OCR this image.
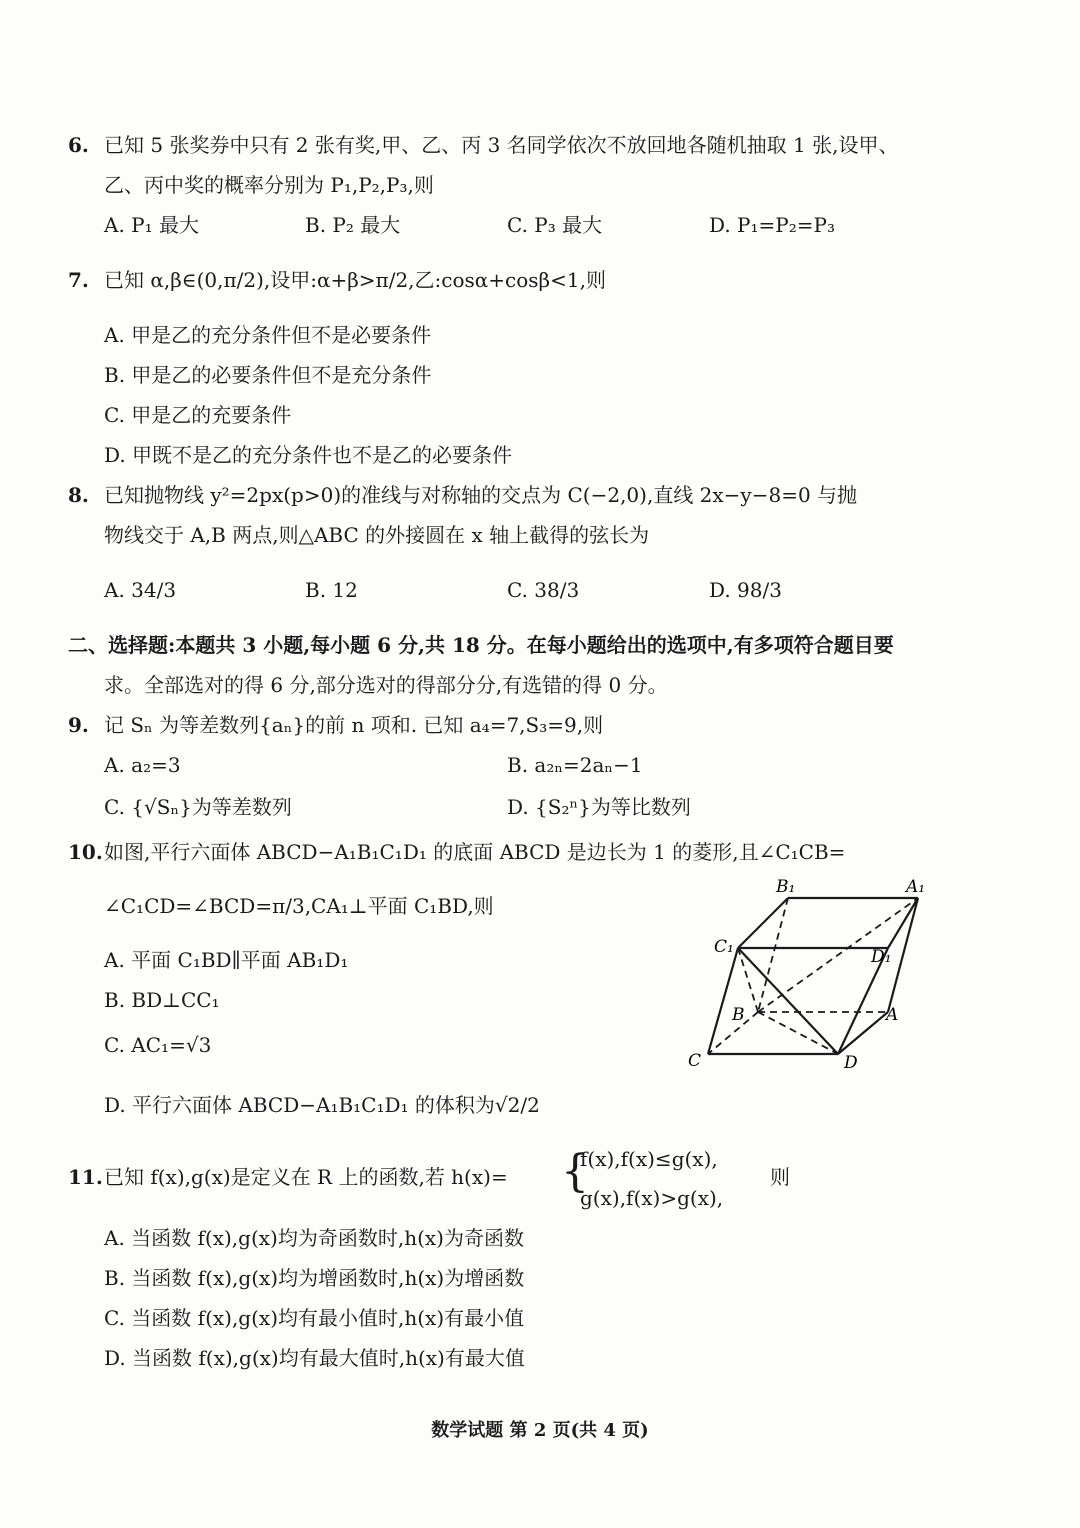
6. 已知 5 张奖券中只有 2 张有奖,甲、乙、丙 3 名同学依次不放回地各随机抽取 1 张,设甲、
乙、丙中奖的概率分别为 P₁,P₂,P₃,则
A. P₁ 最大	B. P₂ 最大	C. P₃ 最大	D. P₁=P₂=P₃
7. 已知 α,β∈(0,π/2),设甲:α+β>π/2,乙:cosα+cosβ<1,则
A. 甲是乙的充分条件但不是必要条件
B. 甲是乙的必要条件但不是充分条件
C. 甲是乙的充要条件
D. 甲既不是乙的充分条件也不是乙的必要条件
8. 已知抛物线 y²=2px(p>0)的准线与对称轴的交点为 C(−2,0),直线 2x−y−8=0 与抛
物线交于 A,B 两点,则△ABC 的外接圆在 x 轴上截得的弦长为
A. 34/3	B. 12	C. 38/3	D. 98/3
二、选择题:本题共 3 小题,每小题 6 分,共 18 分。在每小题给出的选项中,有多项符合题目要
求。全部选对的得 6 分,部分选对的得部分分,有选错的得 0 分。
9. 记 Sₙ 为等差数列{aₙ}的前 n 项和. 已知 a₄=7,S₃=9,则
A. a₂=3	B. a₂ₙ=2aₙ−1
C. {√Sₙ}为等差数列	D. {S₂ⁿ}为等比数列
10. 如图,平行六面体 ABCD−A₁B₁C₁D₁ 的底面 ABCD 是边长为 1 的菱形,且∠C₁CB=
∠C₁CD=∠BCD=π/3,CA₁⊥平面 C₁BD,则
A. 平面 C₁BD∥平面 AB₁D₁
B. BD⊥CC₁
C. AC₁=√3
D. 平行六面体 ABCD−A₁B₁C₁D₁ 的体积为√2/2
B₁	A₁
C₁	D₁
B	A
C	D
11. 已知 f(x),g(x)是定义在 R 上的函数,若 h(x)= {
f(x),f(x)≤g(x),
g(x),f(x)>g(x),
则
A. 当函数 f(x),g(x)均为奇函数时,h(x)为奇函数
B. 当函数 f(x),g(x)均为增函数时,h(x)为增函数
C. 当函数 f(x),g(x)均有最小值时,h(x)有最小值
D. 当函数 f(x),g(x)均有最大值时,h(x)有最大值
数学试题 第 2 页(共 4 页)
